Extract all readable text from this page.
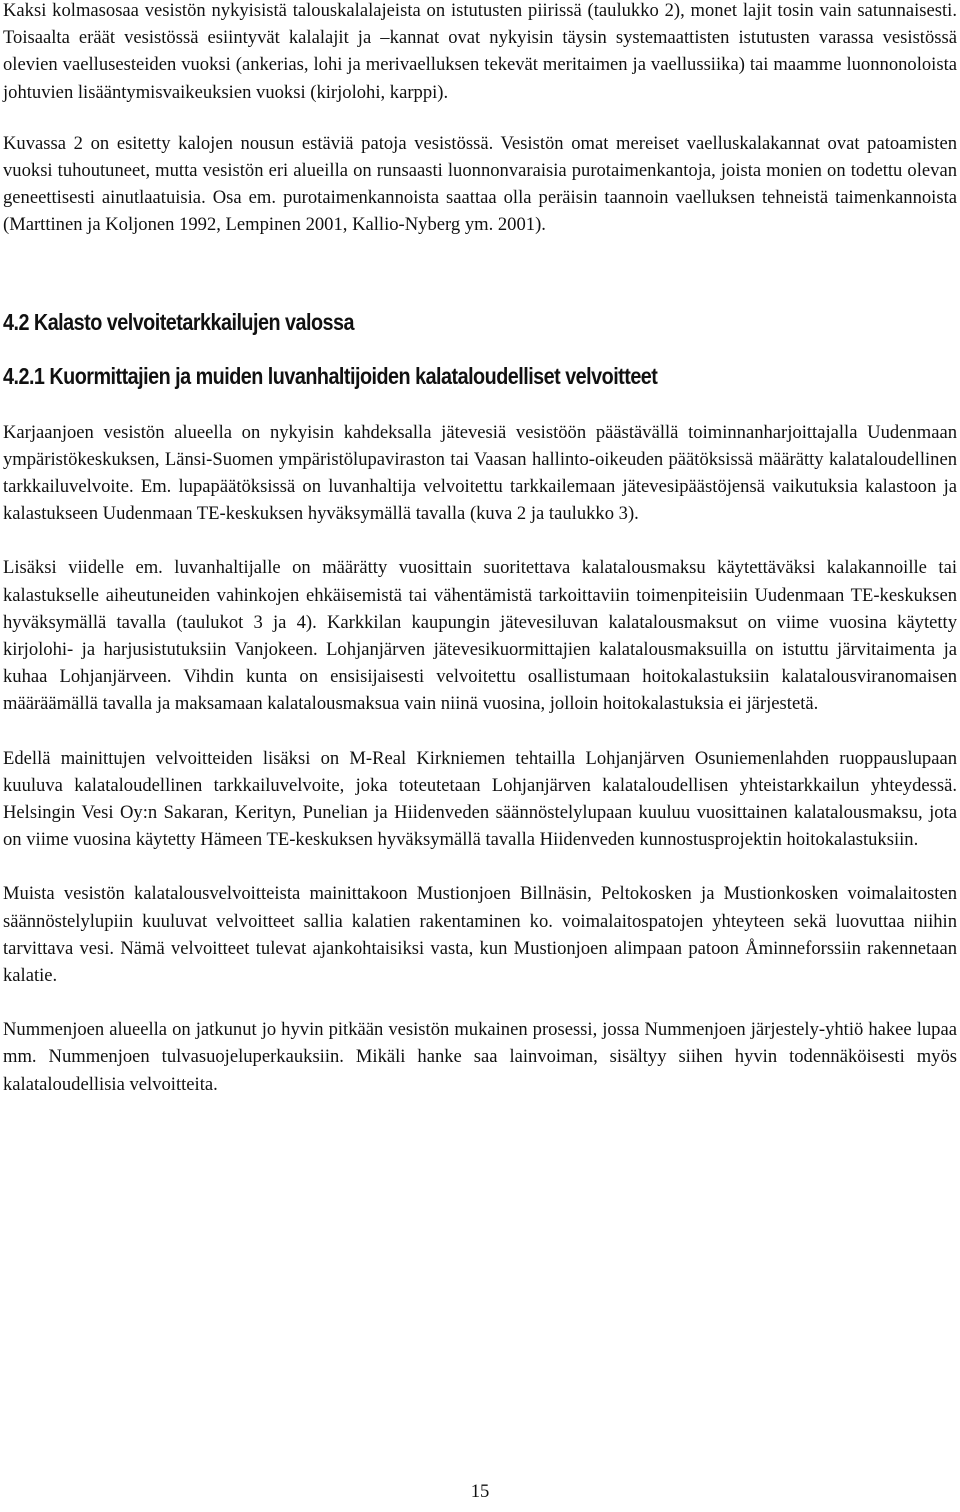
Kaksi kolmasosaa vesistön nykyisistä talouskalalajeista on istutusten piirissä (taulukko 2), monet lajit tosin vain satunnaisesti. Toisaalta eräät vesistössä esiintyvät kalalajit ja –kannat ovat nykyisin täysin systemaattisten istutusten varassa vesistössä olevien vaellusesteiden vuoksi (ankerias, lohi ja merivaelluksen tekevät meritaimen ja vaellussiika) tai maamme luonnonoloista johtuvien lisääntymisvaikeuksien vuoksi (kirjolohi, karppi).

Kuvassa 2 on esitetty kalojen nousun estäviä patoja vesistössä. Vesistön omat mereiset vaelluskalakannat ovat patoamisten vuoksi tuhoutuneet, mutta vesistön eri alueilla on runsaasti luonnonvaraisia purotaimenkantoja, joista monien on todettu olevan geneettisesti ainutlaatuisia. Osa em. purotaimenkannoista saattaa olla peräisin taannoin vaelluksen tehneistä taimenkannoista (Marttinen ja Koljonen 1992, Lempinen 2001, Kallio-Nyberg ym. 2001).

4.2 Kalasto velvoitetarkkailujen valossa
4.2.1 Kuormittajien ja muiden luvanhaltijoiden kalataloudelliset velvoitteet

Karjaanjoen vesistön alueella on nykyisin kahdeksalla jätevesiä vesistöön päästävällä toiminnanharjoittajalla Uudenmaan ympäristökeskuksen, Länsi-Suomen ympäristölupaviraston tai Vaasan hallinto-oikeuden päätöksissä määrätty kalataloudellinen tarkkailuvelvoite. Em. lupapäätöksissä on luvanhaltija velvoitettu tarkkailemaan jätevesipäästöjensä vaikutuksia kalastoon ja kalastukseen Uudenmaan TE-keskuksen hyväksymällä tavalla (kuva 2 ja taulukko 3).

Lisäksi viidelle em. luvanhaltijalle on määrätty vuosittain suoritettava kalatalousmaksu käytettäväksi kalakannoille tai kalastukselle aiheutuneiden vahinkojen ehkäisemistä tai vähentämistä tarkoittaviin toimenpiteisiin Uudenmaan TE-keskuksen hyväksymällä tavalla (taulukot 3 ja 4). Karkkilan kaupungin jätevesiluvan kalatalousmaksut on viime vuosina käytetty kirjolohi- ja harjusistutuksiin Vanjokeen. Lohjanjärven jätevesikuormittajien kalatalousmaksuilla on istuttu järvitaimenta ja kuhaa Lohjanjärveen. Vihdin kunta on ensisijaisesti velvoitettu osallistumaan hoitokalastuksiin kalatalousviranomaisen määräämällä tavalla ja maksamaan kalatalousmaksua vain niinä vuosina, jolloin hoitokalastuksia ei järjestetä.

Edellä mainittujen velvoitteiden lisäksi on M-Real Kirkniemen tehtailla Lohjanjärven Osuniemenlahden ruoppauslupaan kuuluva kalataloudellinen tarkkailuvelvoite, joka toteutetaan Lohjanjärven kalataloudellisen yhteistarkkailun yhteydessä. Helsingin Vesi Oy:n Sakaran, Kerityn, Punelian ja Hiidenveden säännöstelylupaan kuuluu vuosittainen kalatalousmaksu, jota on viime vuosina käytetty Hämeen TE-keskuksen hyväksymällä tavalla Hiidenveden kunnostusprojektin hoitokalastuksiin.

Muista vesistön kalatalousvelvoitteista mainittakoon Mustionjoen Billnäsin, Peltokosken ja Mustionkosken voimalaitosten säännöstelylupiin kuuluvat velvoitteet sallia kalatien rakentaminen ko. voimalaitospatojen yhteyteen sekä luovuttaa niihin tarvittava vesi. Nämä velvoitteet tulevat ajankohtaisiksi vasta, kun Mustionjoen alimpaan patoon Åminneforssiin rakennetaan kalatie.

Nummenjoen alueella on jatkunut jo hyvin pitkään vesistön mukainen prosessi, jossa Nummenjoen järjestely-yhtiö hakee lupaa mm. Nummenjoen tulvasuojeluperkauksiin. Mikäli hanke saa lainvoiman, sisältyy siihen hyvin todennäköisesti myös kalataloudellisia velvoitteita.

15
